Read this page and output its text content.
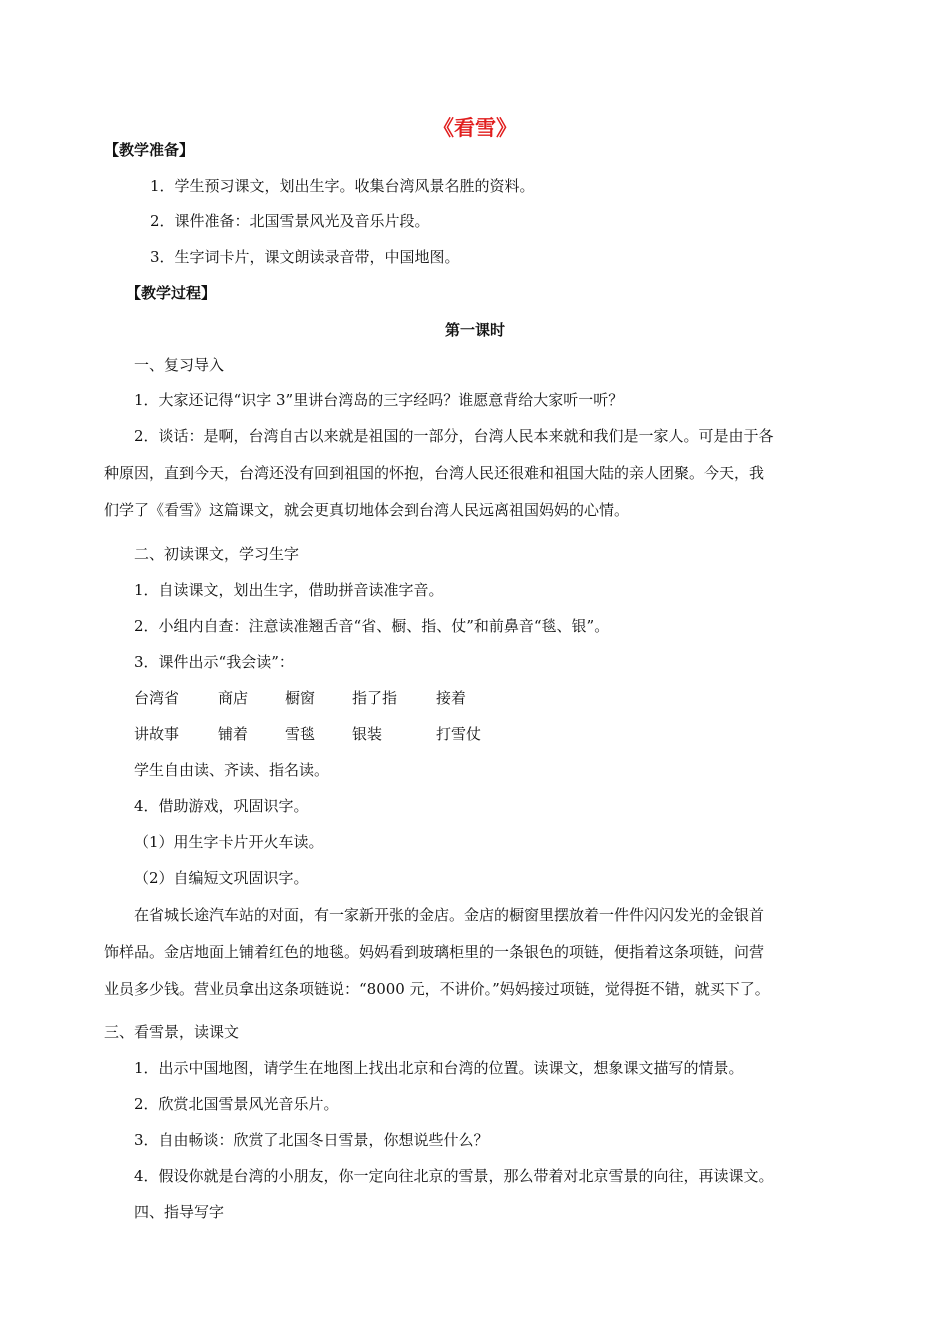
《看雪》
【教学准备】
1．学生预习课文，划出生字。收集台湾风景名胜的资料。
2．课件准备：北国雪景风光及音乐片段。
3．生字词卡片，课文朗读录音带，中国地图。
【教学过程】
第一课时
一、复习导入
1．大家还记得“识字 3”里讲台湾岛的三字经吗？谁愿意背给大家听一听？
2．谈话：是啊，台湾自古以来就是祖国的一部分，台湾人民本来就和我们是一家人。可是由于各
种原因，直到今天，台湾还没有回到祖国的怀抱，台湾人民还很难和祖国大陆的亲人团聚。今天，我
们学了《看雪》这篇课文，就会更真切地体会到台湾人民远离祖国妈妈的心情。
二、初读课文，学习生字
1．自读课文，划出生字，借助拼音读准字音。
2．小组内自查：注意读准翘舌音“省、橱、指、仗”和前鼻音“毯、银”。
3．课件出示“我会读”：
台湾省	商店 橱窗 指了指	接着
讲故事	铺着 雪毯 银装	打雪仗
学生自由读、齐读、指名读。
4．借助游戏，巩固识字。
（1）用生字卡片开火车读。
（2）自编短文巩固识字。
在省城长途汽车站的对面，有一家新开张的金店。金店的橱窗里摆放着一件件闪闪发光的金银首
饰样品。金店地面上铺着红色的地毯。妈妈看到玻璃柜里的一条银色的项链，便指着这条项链，问营
业员多少钱。营业员拿出这条项链说：“8000 元，不讲价。”妈妈接过项链，觉得挺不错，就买下了。
三、看雪景，读课文
1．出示中国地图，请学生在地图上找出北京和台湾的位置。读课文，想象课文描写的情景。
2．欣赏北国雪景风光音乐片。
3．自由畅谈：欣赏了北国冬日雪景，你想说些什么？
4．假设你就是台湾的小朋友，你一定向往北京的雪景，那么带着对北京雪景的向往，再读课文。
四、指导写字
